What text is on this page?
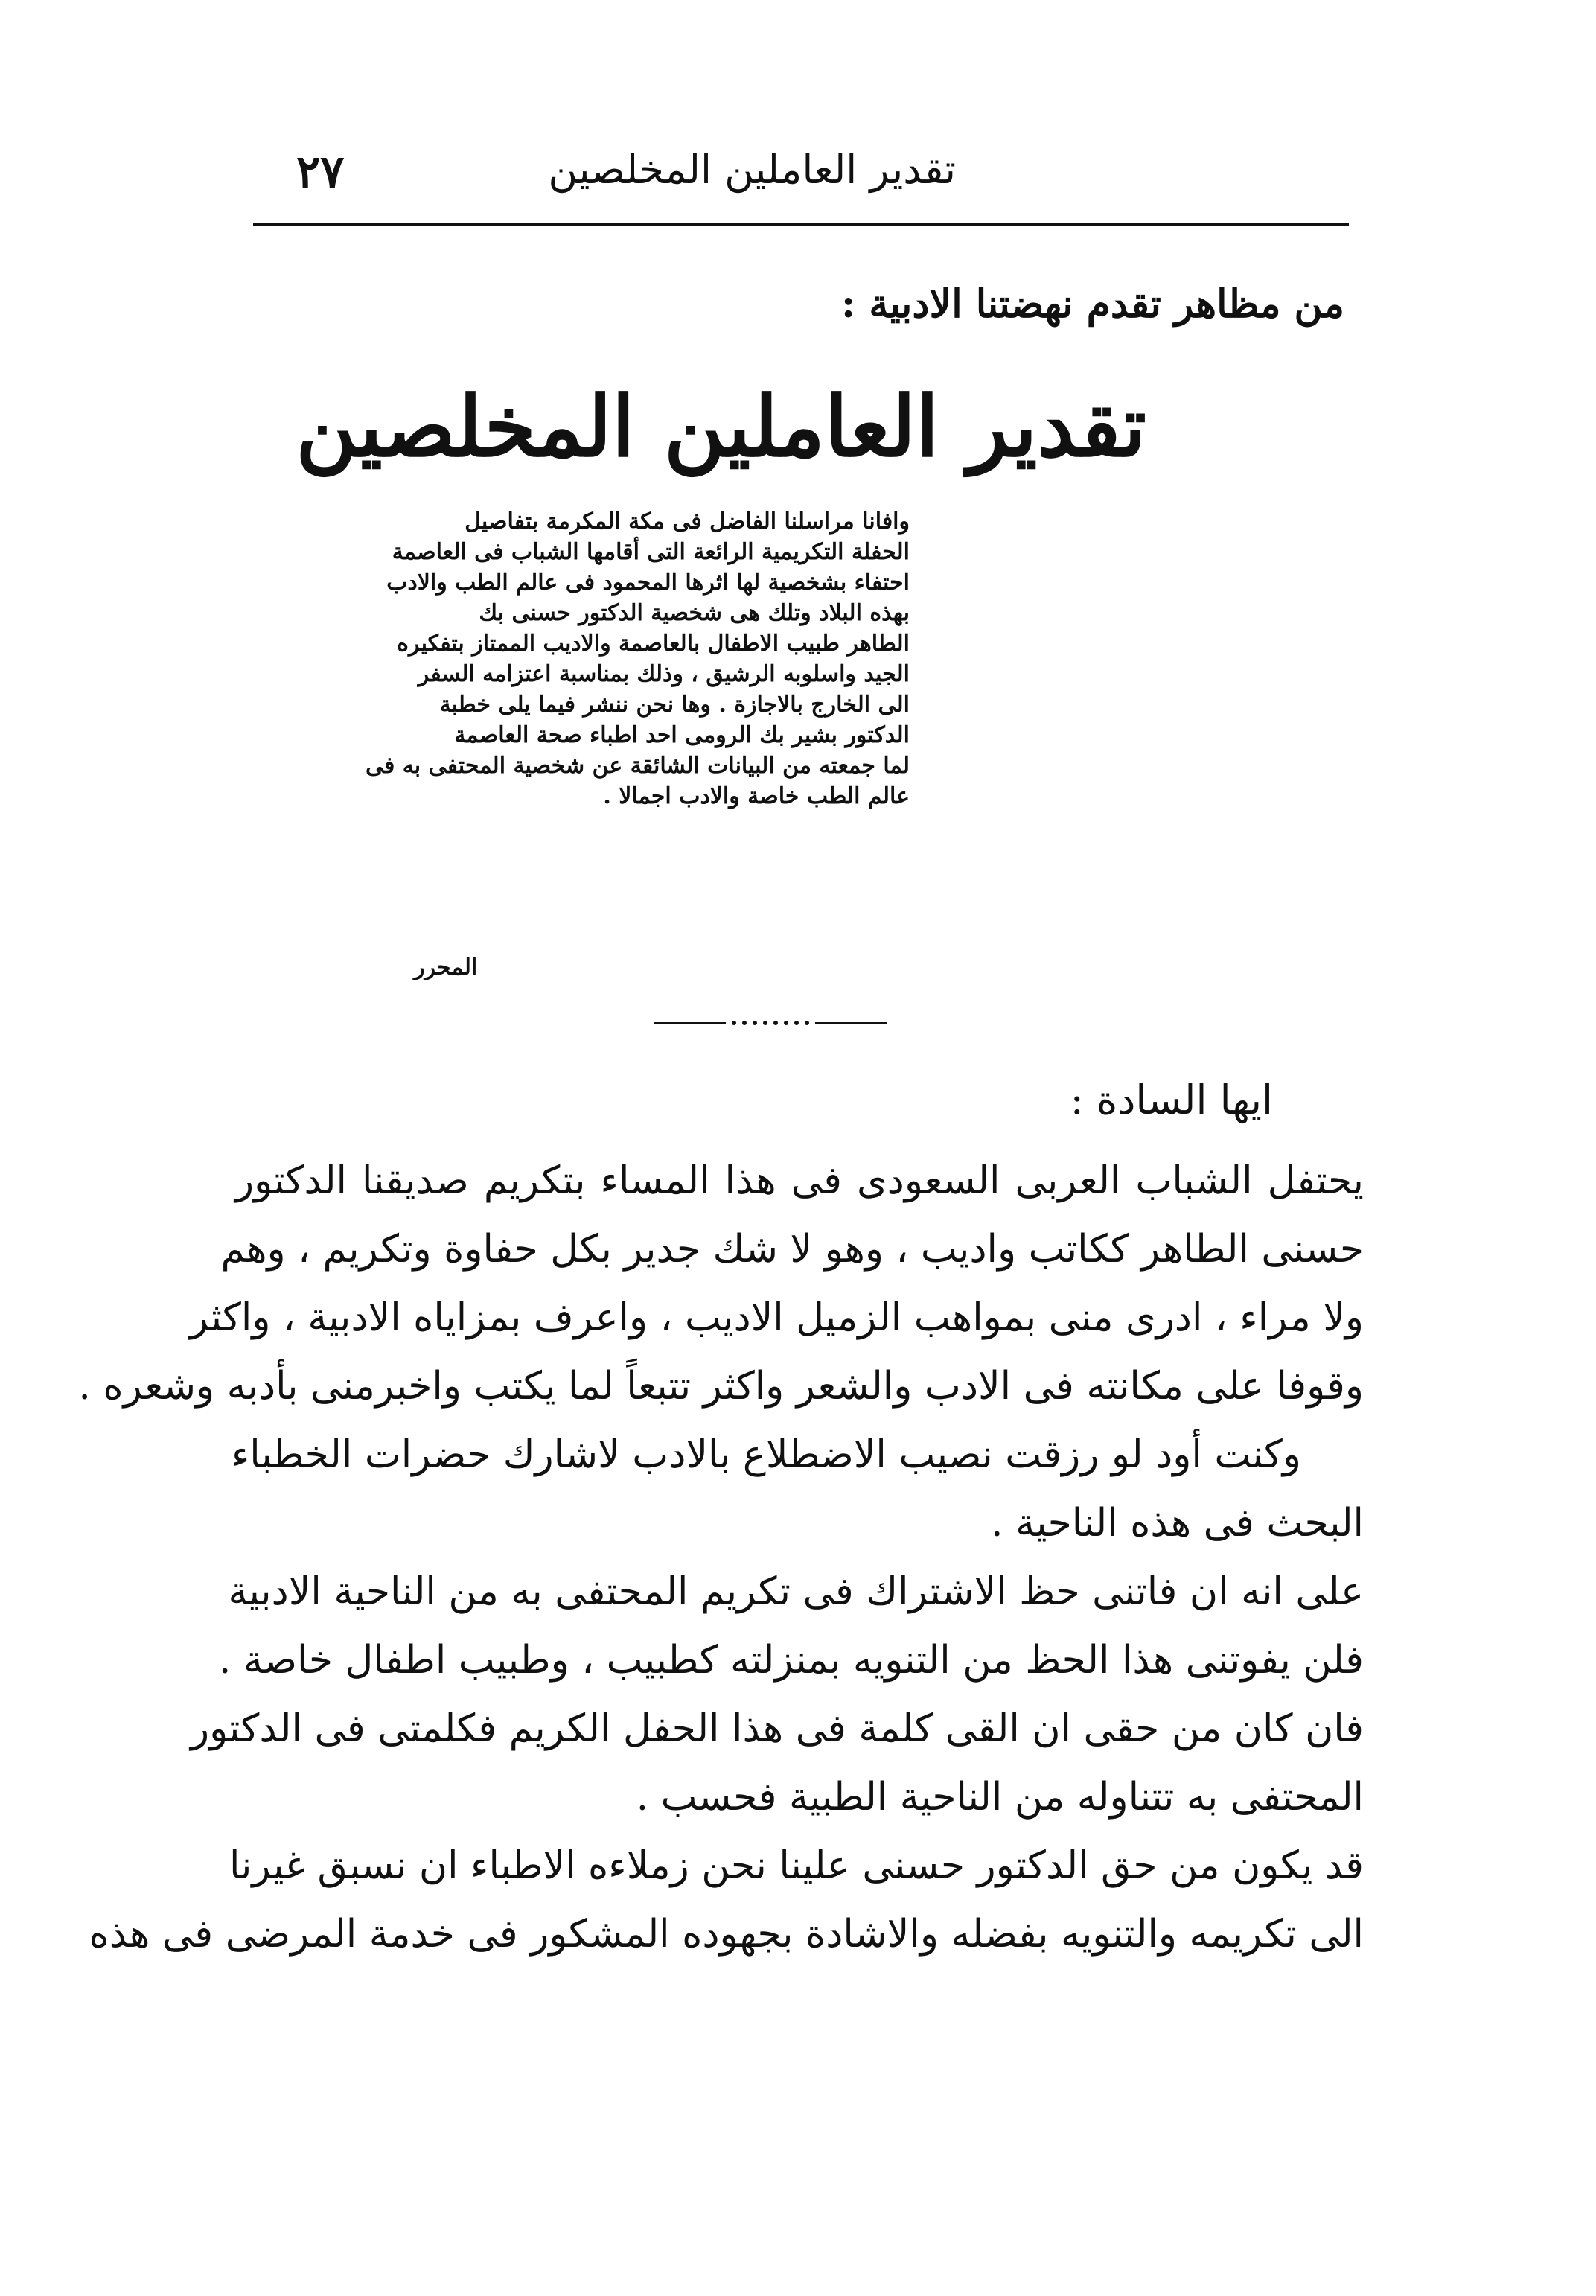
تقدير العاملين المخلصين
٢٧
من مظاهر تقدم نهضتنا الادبية :
تقدير العاملين المخلصين
وافانا مراسلنا الفاضل فى مكة المكرمة بتفاصيل
الحفلة التكريمية الرائعة التى أقامها الشباب فى العاصمة
احتفاء بشخصية لها اثرها المحمود فى عالم الطب والادب
بهذه البلاد وتلك هى شخصية الدكتور حسنى بك
الطاهر طبيب الاطفال بالعاصمة والاديب الممتاز بتفكيره
الجيد واسلوبه الرشيق ، وذلك بمناسبة اعتزامه السفر
الى الخارج بالاجازة . وها نحن ننشر فيما يلى خطبة
الدكتور بشير بك الرومى احد اطباء صحة العاصمة
لما جمعته من البيانات الشائقة عن شخصية المحتفى به فى
عالم الطب خاصة والادب اجمالا .
المحرر
ايها السادة :
يحتفل الشباب العربى السعودى فى هذا المساء بتكريم صديقنا الدكتور
حسنى الطاهر ككاتب واديب ، وهو لا شك جدير بكل حفاوة وتكريم ، وهم
ولا مراء ، ادرى منى بمواهب الزميل الاديب ، واعرف بمزاياه الادبية ، واكثر
وقوفا على مكانته فى الادب والشعر واكثر تتبعاً لما يكتب واخبرمنى بأدبه وشعره .
وكنت أود لو رزقت نصيب الاضطلاع بالادب لاشارك حضرات الخطباء
البحث فى هذه الناحية .
على انه ان فاتنى حظ الاشتراك فى تكريم المحتفى به من الناحية الادبية
فلن يفوتنى هذا الحظ من التنويه بمنزلته كطبيب ، وطبيب اطفال خاصة .
فان كان من حقى ان القى كلمة فى هذا الحفل الكريم فكلمتى فى الدكتور
المحتفى به تتناوله من الناحية الطبية فحسب .
قد يكون من حق الدكتور حسنى علينا نحن زملاءه الاطباء ان نسبق غيرنا
الى تكريمه والتنويه بفضله والاشادة بجهوده المشكور فى خدمة المرضى فى هذه
